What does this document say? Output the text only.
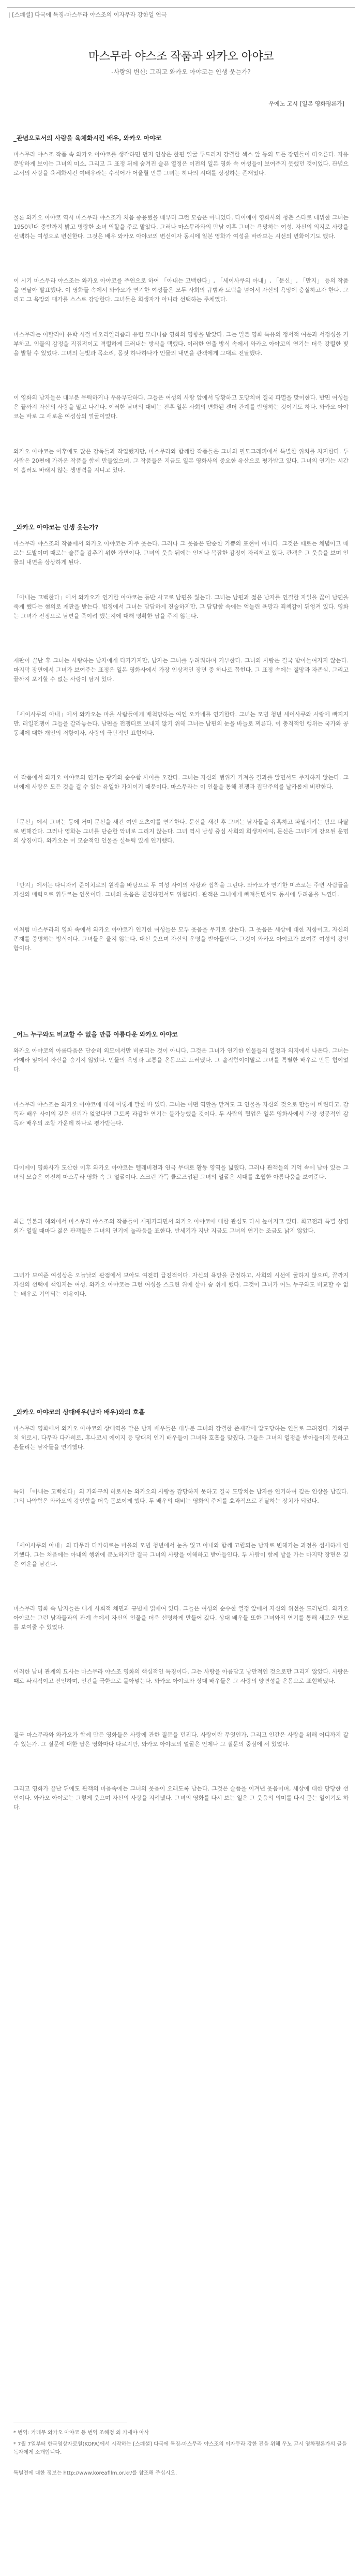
| [스폐셜] 다국에 특징-마스무라 야스조의 이자무라 강한일 연극
마스무라 야스조 작품과 와카오 아야코
-사랑의 변신: 그리고 와카오 아야코는 인생 웃는가?
우에노 고시 [일본 영화평론가]
_관념으로서의 사랑을 육체화시킨 배우, 와카오 아야코

마스무라 야스조 작품 속 와카오 아야코를 생각하면 먼저 인상은 한편 얼굴 두드러지 강렬한 섹스 앞 등의 모든 장면들이 떠오른다. 자유분방하게 보이는 그녀의 미소, 그리고 그 표정 뒤에 숨겨진 슬픈 열정은 이전의 일본 영화 속 여성들이 보여주지 못했던 것이었다. 관념으로서의 사랑을 육체화시킨 여배우라는 수식어가 어울릴 만큼 그녀는 하나의 시대를 상징하는 존재였다.

물론 와카오 아야코 역시 마스무라 야스조가 처음 중용했을 때부터 그런 모습은 아니었다. 다이에이 영화사의 청춘 스타로 데뷔한 그녀는 1950년대 중반까지 밝고 명랑한 소녀 역할을 주로 맡았다. 그러나 마스무라와의 만남 이후 그녀는 욕망하는 여성, 자신의 의지로 사랑을 선택하는 여성으로 변신한다. 그것은 배우 와카오 아야코의 변신이자 동시에 일본 영화가 여성을 바라보는 시선의 변화이기도 했다.

이 시기 마스무라 야스조는 와카오 아야코를 주연으로 하여 「아내는 고백한다」, 「세이사쿠의 아내」, 「문신」, 「만지」 등의 작품을 연달아 발표했다. 이 영화들 속에서 와카오가 연기한 여성들은 모두 사회의 규범과 도덕을 넘어서 자신의 욕망에 충실하고자 한다. 그리고 그 욕망의 대가를 스스로 감당한다. 그녀들은 희생자가 아니라 선택하는 주체였다.

마스무라는 이탈리아 유학 시절 네오리얼리즘과 유럽 모더니즘 영화의 영향을 받았다. 그는 일본 영화 특유의 정서적 여운과 서정성을 거부하고, 인물의 감정을 직접적이고 격렬하게 드러내는 방식을 택했다. 이러한 연출 방식 속에서 와카오 아야코의 연기는 더욱 강렬한 빛을 발할 수 있었다. 그녀의 눈빛과 목소리, 몸짓 하나하나가 인물의 내면을 관객에게 그대로 전달했다.

이 영화의 남자들은 대부분 무력하거나 우유부단하다. 그들은 여성의 사랑 앞에서 당황하고 도망치며 결국 파멸을 맞이한다. 반면 여성들은 끝까지 자신의 사랑을 밀고 나간다. 이러한 남녀의 대비는 전후 일본 사회의 변화된 젠더 관계를 반영하는 것이기도 하다. 와카오 아야코는 바로 그 새로운 여성상의 얼굴이었다.

와카오 아야코는 이후에도 많은 감독들과 작업했지만, 마스무라와 함께한 작품들은 그녀의 필모그래피에서 특별한 위치를 차지한다. 두 사람은 20편에 가까운 작품을 함께 만들었으며, 그 작품들은 지금도 일본 영화사의 중요한 유산으로 평가받고 있다. 그녀의 연기는 시간이 흘러도 바래지 않는 생명력을 지니고 있다.

_와카오 아야코는 인생 웃는가?

마스무라 야스조의 작품에서 와카오 아야코는 자주 웃는다. 그러나 그 웃음은 단순한 기쁨의 표현이 아니다. 그것은 때로는 체념이고 때로는 도발이며 때로는 슬픔을 감추기 위한 가면이다. 그녀의 웃음 뒤에는 언제나 복잡한 감정이 자리하고 있다. 관객은 그 웃음을 보며 인물의 내면을 상상하게 된다.

「아내는 고백한다」에서 와카오가 연기한 아야코는 등반 사고로 남편을 잃는다. 그녀는 남편과 젊은 남자를 연결한 자일을 끊어 남편을 죽게 했다는 혐의로 재판을 받는다. 법정에서 그녀는 담담하게 진술하지만, 그 담담함 속에는 억눌린 욕망과 죄책감이 뒤엉켜 있다. 영화는 그녀가 진정으로 남편을 죽이려 했는지에 대해 명확한 답을 주지 않는다.

재판이 끝난 후 그녀는 사랑하는 남자에게 다가가지만, 남자는 그녀를 두려워하며 거부한다. 그녀의 사랑은 결국 받아들여지지 않는다. 마지막 장면에서 그녀가 보여주는 표정은 일본 영화사에서 가장 인상적인 장면 중 하나로 꼽힌다. 그 표정 속에는 절망과 자존심, 그리고 끝까지 포기할 수 없는 사랑이 담겨 있다.

「세이사쿠의 아내」에서 와카오는 마을 사람들에게 배척당하는 여인 오카네를 연기한다. 그녀는 모범 청년 세이사쿠와 사랑에 빠지지만, 러일전쟁이 그들을 갈라놓는다. 남편을 전쟁터로 보내지 않기 위해 그녀는 남편의 눈을 바늘로 찌른다. 이 충격적인 행위는 국가와 공동체에 대한 개인의 저항이자, 사랑의 극단적인 표현이다.

이 작품에서 와카오 아야코의 연기는 광기와 순수함 사이를 오간다. 그녀는 자신의 행위가 가져올 결과를 알면서도 주저하지 않는다. 그녀에게 사랑은 모든 것을 걸 수 있는 유일한 가치이기 때문이다. 마스무라는 이 인물을 통해 전쟁과 집단주의를 날카롭게 비판한다.

「문신」에서 그녀는 등에 거미 문신을 새긴 여인 오츠야를 연기한다. 문신을 새긴 후 그녀는 남자들을 유혹하고 파멸시키는 팜므 파탈로 변해간다. 그러나 영화는 그녀를 단순한 악녀로 그리지 않는다. 그녀 역시 남성 중심 사회의 희생자이며, 문신은 그녀에게 강요된 운명의 상징이다. 와카오는 이 모순적인 인물을 설득력 있게 연기했다.

「만지」에서는 다니자키 준이치로의 원작을 바탕으로 두 여성 사이의 사랑과 집착을 그린다. 와카오가 연기한 미쓰코는 주변 사람들을 자신의 매력으로 휘두르는 인물이다. 그녀의 웃음은 천진하면서도 위험하다. 관객은 그녀에게 빠져들면서도 동시에 두려움을 느낀다.

이처럼 마스무라의 영화 속에서 와카오 아야코가 연기한 여성들은 모두 웃음을 무기로 삼는다. 그 웃음은 세상에 대한 저항이고, 자신의 존재를 증명하는 방식이다. 그녀들은 울지 않는다. 대신 웃으며 자신의 운명을 받아들인다. 그것이 와카오 아야코가 보여준 여성의 강인함이다.

_어느 누구와도 비교할 수 없을 만큼 아름다운 와카오 아야코

와카오 아야코의 아름다움은 단순히 외모에서만 비롯되는 것이 아니다. 그것은 그녀가 연기한 인물들의 열정과 의지에서 나온다. 그녀는 카메라 앞에서 자신을 숨기지 않았다. 인물의 욕망과 고통을 온몸으로 드러냈다. 그 솔직함이야말로 그녀를 특별한 배우로 만든 힘이었다.

마스무라 야스조는 와카오 아야코에 대해 이렇게 말한 바 있다. 그녀는 어떤 역할을 맡겨도 그 인물을 자신의 것으로 만들어 버린다고. 감독과 배우 사이의 깊은 신뢰가 없었다면 그토록 과감한 연기는 불가능했을 것이다. 두 사람의 협업은 일본 영화사에서 가장 성공적인 감독과 배우의 조합 가운데 하나로 평가받는다.

다이에이 영화사가 도산한 이후 와카오 아야코는 텔레비전과 연극 무대로 활동 영역을 넓혔다. 그러나 관객들의 기억 속에 남아 있는 그녀의 모습은 여전히 마스무라 영화 속 그 얼굴이다. 스크린 가득 클로즈업된 그녀의 얼굴은 시대를 초월한 아름다움을 보여준다.

최근 일본과 해외에서 마스무라 야스조의 작품들이 재평가되면서 와카오 아야코에 대한 관심도 다시 높아지고 있다. 회고전과 특별 상영회가 열릴 때마다 젊은 관객들은 그녀의 연기에 놀라움을 표한다. 반세기가 지난 지금도 그녀의 연기는 조금도 낡지 않았다.

그녀가 보여준 여성상은 오늘날의 관점에서 보아도 여전히 급진적이다. 자신의 욕망을 긍정하고, 사회의 시선에 굴하지 않으며, 끝까지 자신의 선택에 책임지는 여성. 와카오 아야코는 그런 여성을 스크린 위에 살아 숨 쉬게 했다. 그것이 그녀가 어느 누구와도 비교할 수 없는 배우로 기억되는 이유이다.

_와카오 아야코의 상대배우(남자 배우)와의 호흡

마스무라 영화에서 와카오 아야코의 상대역을 맡은 남자 배우들은 대부분 그녀의 강렬한 존재감에 압도당하는 인물로 그려진다. 가와구치 히로시, 다무라 다카히로, 후나코시 에이지 등 당대의 인기 배우들이 그녀와 호흡을 맞췄다. 그들은 그녀의 열정을 받아들이지 못하고 흔들리는 남자들을 연기했다.

특히 「아내는 고백한다」의 가와구치 히로시는 와카오의 사랑을 감당하지 못하고 결국 도망치는 남자를 연기하여 깊은 인상을 남겼다. 그의 나약함은 와카오의 강인함을 더욱 돋보이게 했다. 두 배우의 대비는 영화의 주제를 효과적으로 전달하는 장치가 되었다.

「세이사쿠의 아내」의 다무라 다카히로는 마을의 모범 청년에서 눈을 잃고 아내와 함께 고립되는 남자로 변해가는 과정을 섬세하게 연기했다. 그는 처음에는 아내의 행위에 분노하지만 결국 그녀의 사랑을 이해하고 받아들인다. 두 사람이 함께 밭을 가는 마지막 장면은 깊은 여운을 남긴다.

마스무라 영화 속 남자들은 대개 사회적 체면과 규범에 얽매여 있다. 그들은 여성의 순수한 열정 앞에서 자신의 위선을 드러낸다. 와카오 아야코는 그런 남자들과의 관계 속에서 자신의 인물을 더욱 선명하게 만들어 갔다. 상대 배우들 또한 그녀와의 연기를 통해 새로운 면모를 보여줄 수 있었다.

이러한 남녀 관계의 묘사는 마스무라 야스조 영화의 핵심적인 특징이다. 그는 사랑을 아름답고 낭만적인 것으로만 그리지 않았다. 사랑은 때로 파괴적이고 잔인하며, 인간을 극한으로 몰아넣는다. 와카오 아야코와 상대 배우들은 그 사랑의 양면성을 온몸으로 표현해냈다.

결국 마스무라와 와카오가 함께 만든 영화들은 사랑에 관한 질문을 던진다. 사랑이란 무엇인가, 그리고 인간은 사랑을 위해 어디까지 갈 수 있는가. 그 질문에 대한 답은 영화마다 다르지만, 와카오 아야코의 얼굴은 언제나 그 질문의 중심에 서 있었다.

그리고 영화가 끝난 뒤에도 관객의 마음속에는 그녀의 웃음이 오래도록 남는다. 그것은 슬픔을 이겨낸 웃음이며, 세상에 대한 당당한 선언이다. 와카오 아야코는 그렇게 웃으며 자신의 사랑을 지켜냈다. 그녀의 영화를 다시 보는 일은 그 웃음의 의미를 다시 묻는 일이기도 하다.

* 번역: 카레무 와카오 아야코 등 번역 조혜정 외 카세야 아사

* 7월 7일부터 한국영상자료원(KOFA)에서 시작하는 [스폐셜] 다국에 특징-마스무라 야스조의 이자무라 강한 전을 위해 우노 고시 영화평론가의 글을 독자에게 소개합니다.

특별전에 대한 정보는 http://www.koreafilm.or.kr/를 참조해 주십시오.
